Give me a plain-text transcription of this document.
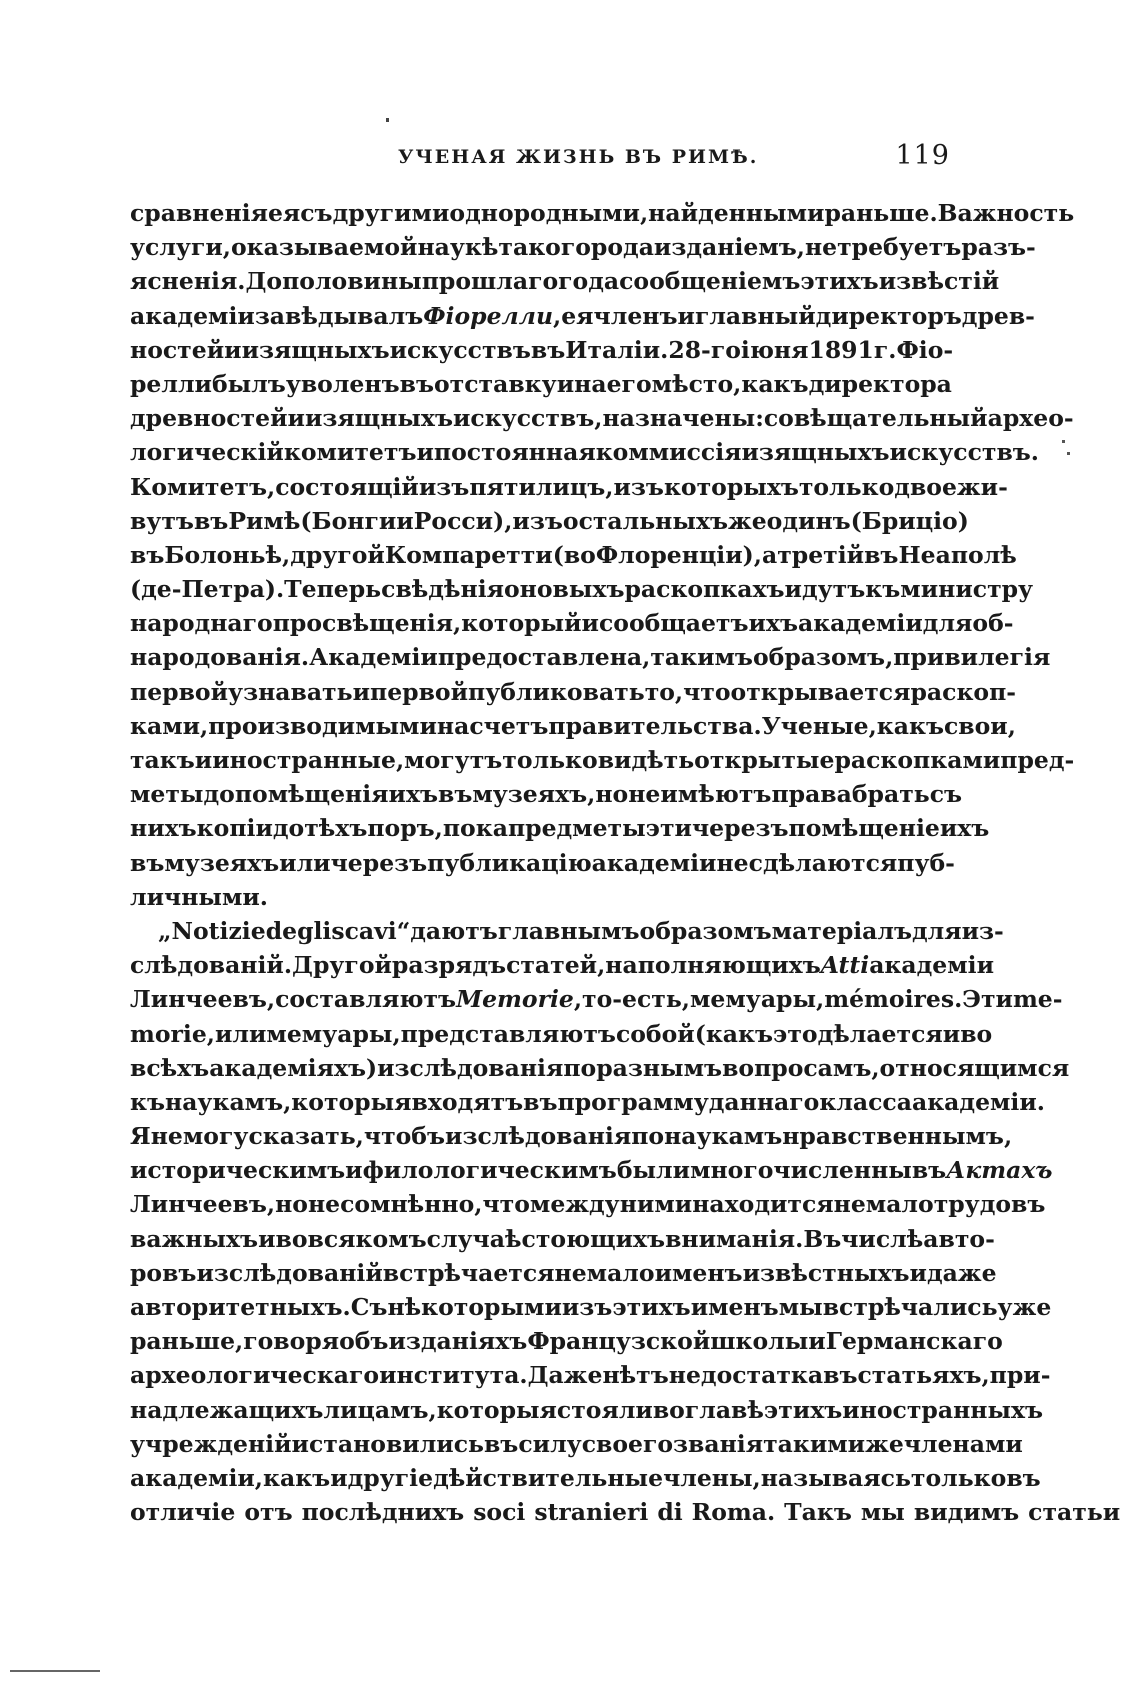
УЧЕНАЯ ЖИЗНЬ ВЪ РИМѢ.	119
сравненія ея съ другими однородными, найденными раньше. Важность
услуги, оказываемой наукѣ такого рода изданіемъ, не требуетъ разъ-
ясненія. До половины прошлаго года сообщеніемъ этихъ извѣстій
академіи завѣдывалъ Фіорелли, ея членъ и главный директоръ древ-
ностей и изящныхъ искусствъ въ Италіи. 28-го іюня 1891 г. Фіо-
релли былъ уволенъ въ отставку и на его мѣсто, какъ директора
древностей и изящныхъ искусствъ, назначены: совѣщательный архео-
логическій комитетъ и постоянная коммиссія изящныхъ искусствъ.
Комитетъ, состоящій изъ пяти лицъ, изъ которыхъ только двое жи-
вутъ въ Римѣ (Бонги и Росси), изъ остальныхъ же одинъ (Бриціо)
въ Болоньѣ, другой Компаретти (во Флоренціи), а третій въ Неаполѣ
(де-Петра). Теперь свѣдѣнія о новыхъ раскопкахъ идутъ къ министру
народнаго просвѣщенія, который и сообщаетъ ихъ академіи для об-
народованія. Академіи предоставлена, такимъ образомъ, привилегія
первой узнавать и первой публиковать то, что открывается раскоп-
ками, производимыми на счетъ правительства. Ученые, какъ свои,
такъ и иностранные, могутъ только видѣть открытые раскопками пред-
меты до помѣщенія ихъ въ музеяхъ, но не имѣютъ права брать съ
нихъ копіи до тѣхъ поръ, пока предметы эти черезъ помѣщеніе ихъ
въ музеяхъ или черезъ публикацію академіи не сдѣлаются пуб-
личными.
„Notizie degli scavi“ даютъ главнымъ образомъ матеріалъ для из-
слѣдованій. Другой разрядъ статей, наполняющихъ Atti академіи
Линчеевъ, составляютъ Memorie, то-есть, мемуары, mémoires. Эти me-
morie, или мемуары, представляютъ собой (какъ это дѣлается и во
всѣхъ академіяхъ) изслѣдованія по разнымъ вопросамъ, относящимся
къ наукамъ, которыя входятъ въ программу даннаго класса академіи.
Я не могу сказать, чтобъ изслѣдованія по наукамъ нравственнымъ,
историческимъ и филологическимъ были многочисленны въ Актахъ
Линчеевъ, но несомнѣнно, что между ними находится не мало трудовъ
важныхъ и во всякомъ случаѣ стоющихъ вниманія. Въ числѣ авто-
ровъ изслѣдованій встрѣчается не мало именъ извѣстныхъ и даже
авторитетныхъ. Съ нѣкоторыми изъ этихъ именъ мы встрѣчались уже
раньше, говоря объ изданіяхъ Французской школы и Германскаго
археологическаго института. Даже нѣтъ недостатка въ статьяхъ, при-
надлежащихъ лицамъ, которыя стояли во главѣ этихъ иностранныхъ
учрежденій и становились въ силу своего званія такими же членами
академіи, какъ и другіе дѣйствительные члены, называясь только въ
отличіе отъ послѣднихъ soci stranieri di Roma. Такъ мы видимъ статьи
